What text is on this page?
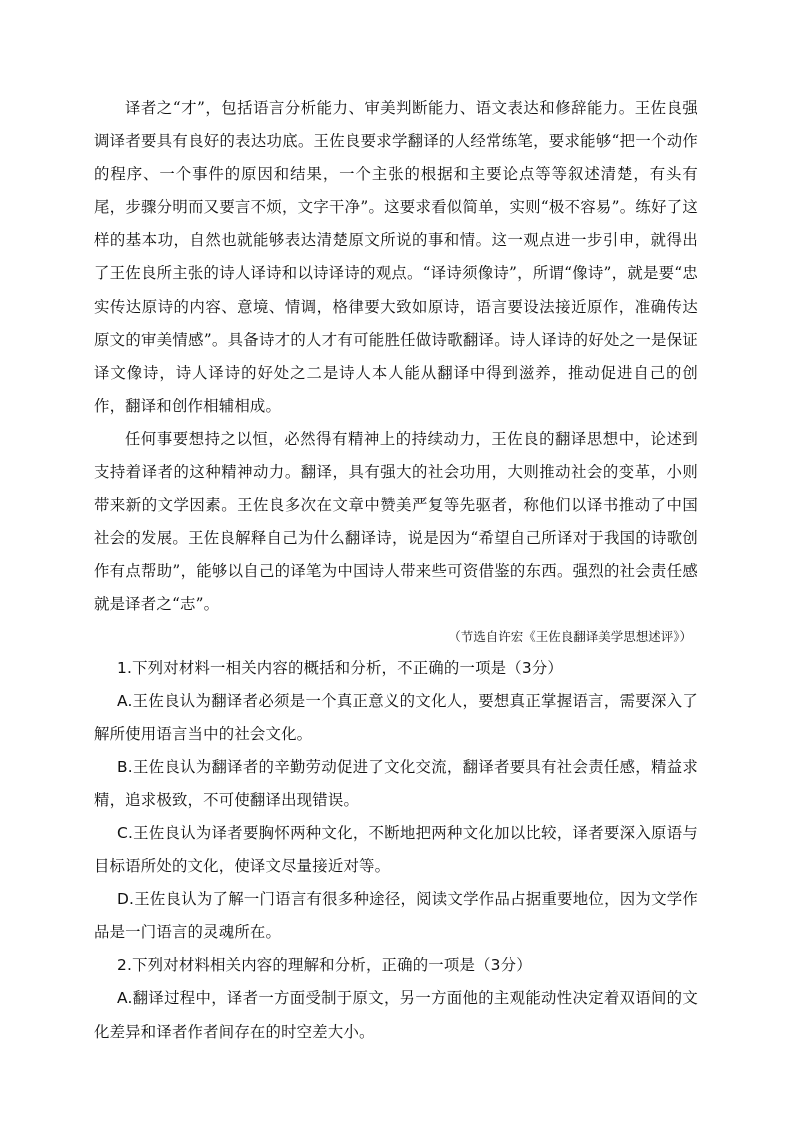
译者之“才”，包括语言分析能力、审美判断能力、语文表达和修辞能力。王佐良强调译者要具有良好的表达功底。王佐良要求学翻译的人经常练笔，要求能够“把一个动作的程序、一个事件的原因和结果，一个主张的根据和主要论点等等叙述清楚，有头有尾，步骤分明而又要言不烦，文字干净”。这要求看似简单，实则“极不容易”。练好了这样的基本功，自然也就能够表达清楚原文所说的事和情。这一观点进一步引申，就得出了王佐良所主张的诗人译诗和以诗译诗的观点。“译诗须像诗”，所谓“像诗”，就是要“忠实传达原诗的内容、意境、情调，格律要大致如原诗，语言要设法接近原作，准确传达原文的审美情感”。具备诗才的人才有可能胜任做诗歌翻译。诗人译诗的好处之一是保证译文像诗，诗人译诗的好处之二是诗人本人能从翻译中得到滋养，推动促进自己的创作，翻译和创作相辅相成。

任何事要想持之以恒，必然得有精神上的持续动力，王佐良的翻译思想中，论述到支持着译者的这种精神动力。翻译，具有强大的社会功用，大则推动社会的变革，小则带来新的文学因素。王佐良多次在文章中赞美严复等先驱者，称他们以译书推动了中国社会的发展。王佐良解释自己为什么翻译诗，说是因为“希望自己所译对于我国的诗歌创作有点帮助”，能够以自己的译笔为中国诗人带来些可资借鉴的东西。强烈的社会责任感就是译者之“志”。

（节选自许宏《王佐良翻译美学思想述评》）

1.下列对材料一相关内容的概括和分析，不正确的一项是（3分）

A.王佐良认为翻译者必须是一个真正意义的文化人，要想真正掌握语言，需要深入了解所使用语言当中的社会文化。

B.王佐良认为翻译者的辛勤劳动促进了文化交流，翻译者要具有社会责任感，精益求精，追求极致，不可使翻译出现错误。

C.王佐良认为译者要胸怀两种文化，不断地把两种文化加以比较，译者要深入原语与目标语所处的文化，使译文尽量接近对等。

D.王佐良认为了解一门语言有很多种途径，阅读文学作品占据重要地位，因为文学作品是一门语言的灵魂所在。

2.下列对材料相关内容的理解和分析，正确的一项是（3分）

A.翻译过程中，译者一方面受制于原文，另一方面他的主观能动性决定着双语间的文化差异和译者作者间存在的时空差大小。
